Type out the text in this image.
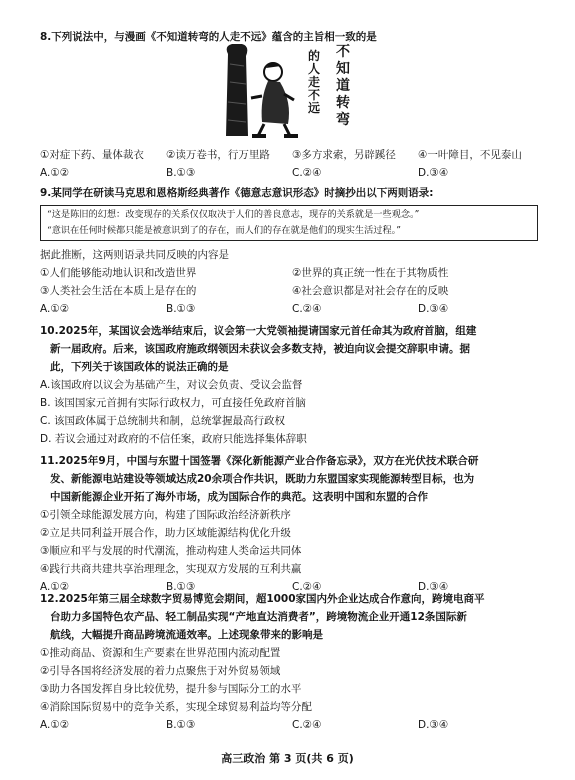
8.下列说法中，与漫画《不知道转弯的人走不远》蕴含的主旨相一致的是
的
人
走
不
远
不
知
道
转
弯
①对症下药、量体裁衣	②读万卷书，行万里路	③多方求索，另辟蹊径	④一叶障目，不见泰山
A.①②	B.①③	C.②④	D.③④
9.某同学在研读马克思和恩格斯经典著作《德意志意识形态》时摘抄出以下两则语录:
“这是陈旧的幻想：改变现存的关系仅仅取决于人们的善良意志，现存的关系就是一些观念。”
“意识在任何时候都只能是被意识到了的存在，而人们的存在就是他们的现实生活过程。”
据此推断，这两则语录共同反映的内容是
①人们能够能动地认识和改造世界	②世界的真正统一性在于其物质性
③人类社会生活在本质上是存在的	④社会意识都是对社会存在的反映
A.①②	B.①③	C.②④	D.③④
10.2025年，某国议会选举结束后，议会第一大党领袖提请国家元首任命其为政府首脑，组建
新一届政府。后来，该国政府施政纲领因未获议会多数支持，被迫向议会提交辞职申请。据
此，下列关于该国政体的说法正确的是
A.该国政府以议会为基础产生，对议会负责、受议会监督
B. 该国国家元首拥有实际行政权力，可直接任免政府首脑
C. 该国政体属于总统制共和制，总统掌握最高行政权
D. 若议会通过对政府的不信任案，政府只能选择集体辞职
11.2025年9月，中国与东盟十国签署《深化新能源产业合作备忘录》，双方在光伏技术联合研
发、新能源电站建设等领域达成20余项合作共识，既助力东盟国家实现能源转型目标，也为
中国新能源企业开拓了海外市场，成为国际合作的典范。这表明中国和东盟的合作
①引领全球能源发展方向，构建了国际政治经济新秩序
②立足共同利益开展合作，助力区域能源结构优化升级
③顺应和平与发展的时代潮流，推动构建人类命运共同体
④践行共商共建共享治理理念，实现双方发展的互利共赢
A.①②	B.①③	C.②④	D.③④
12.2025年第三届全球数字贸易博览会期间，超1000家国内外企业达成合作意向，跨境电商平
台助力多国特色农产品、轻工制品实现“产地直达消费者”，跨境物流企业开通12条国际新
航线，大幅提升商品跨境流通效率。上述现象带来的影响是
①推动商品、资源和生产要素在世界范围内流动配置
②引导各国将经济发展的着力点聚焦于对外贸易领域
③助力各国发挥自身比较优势，提升参与国际分工的水平
④消除国际贸易中的竞争关系，实现全球贸易利益均等分配
A.①②	B.①③	C.②④	D.③④
高三政治 第 3 页(共 6 页)
